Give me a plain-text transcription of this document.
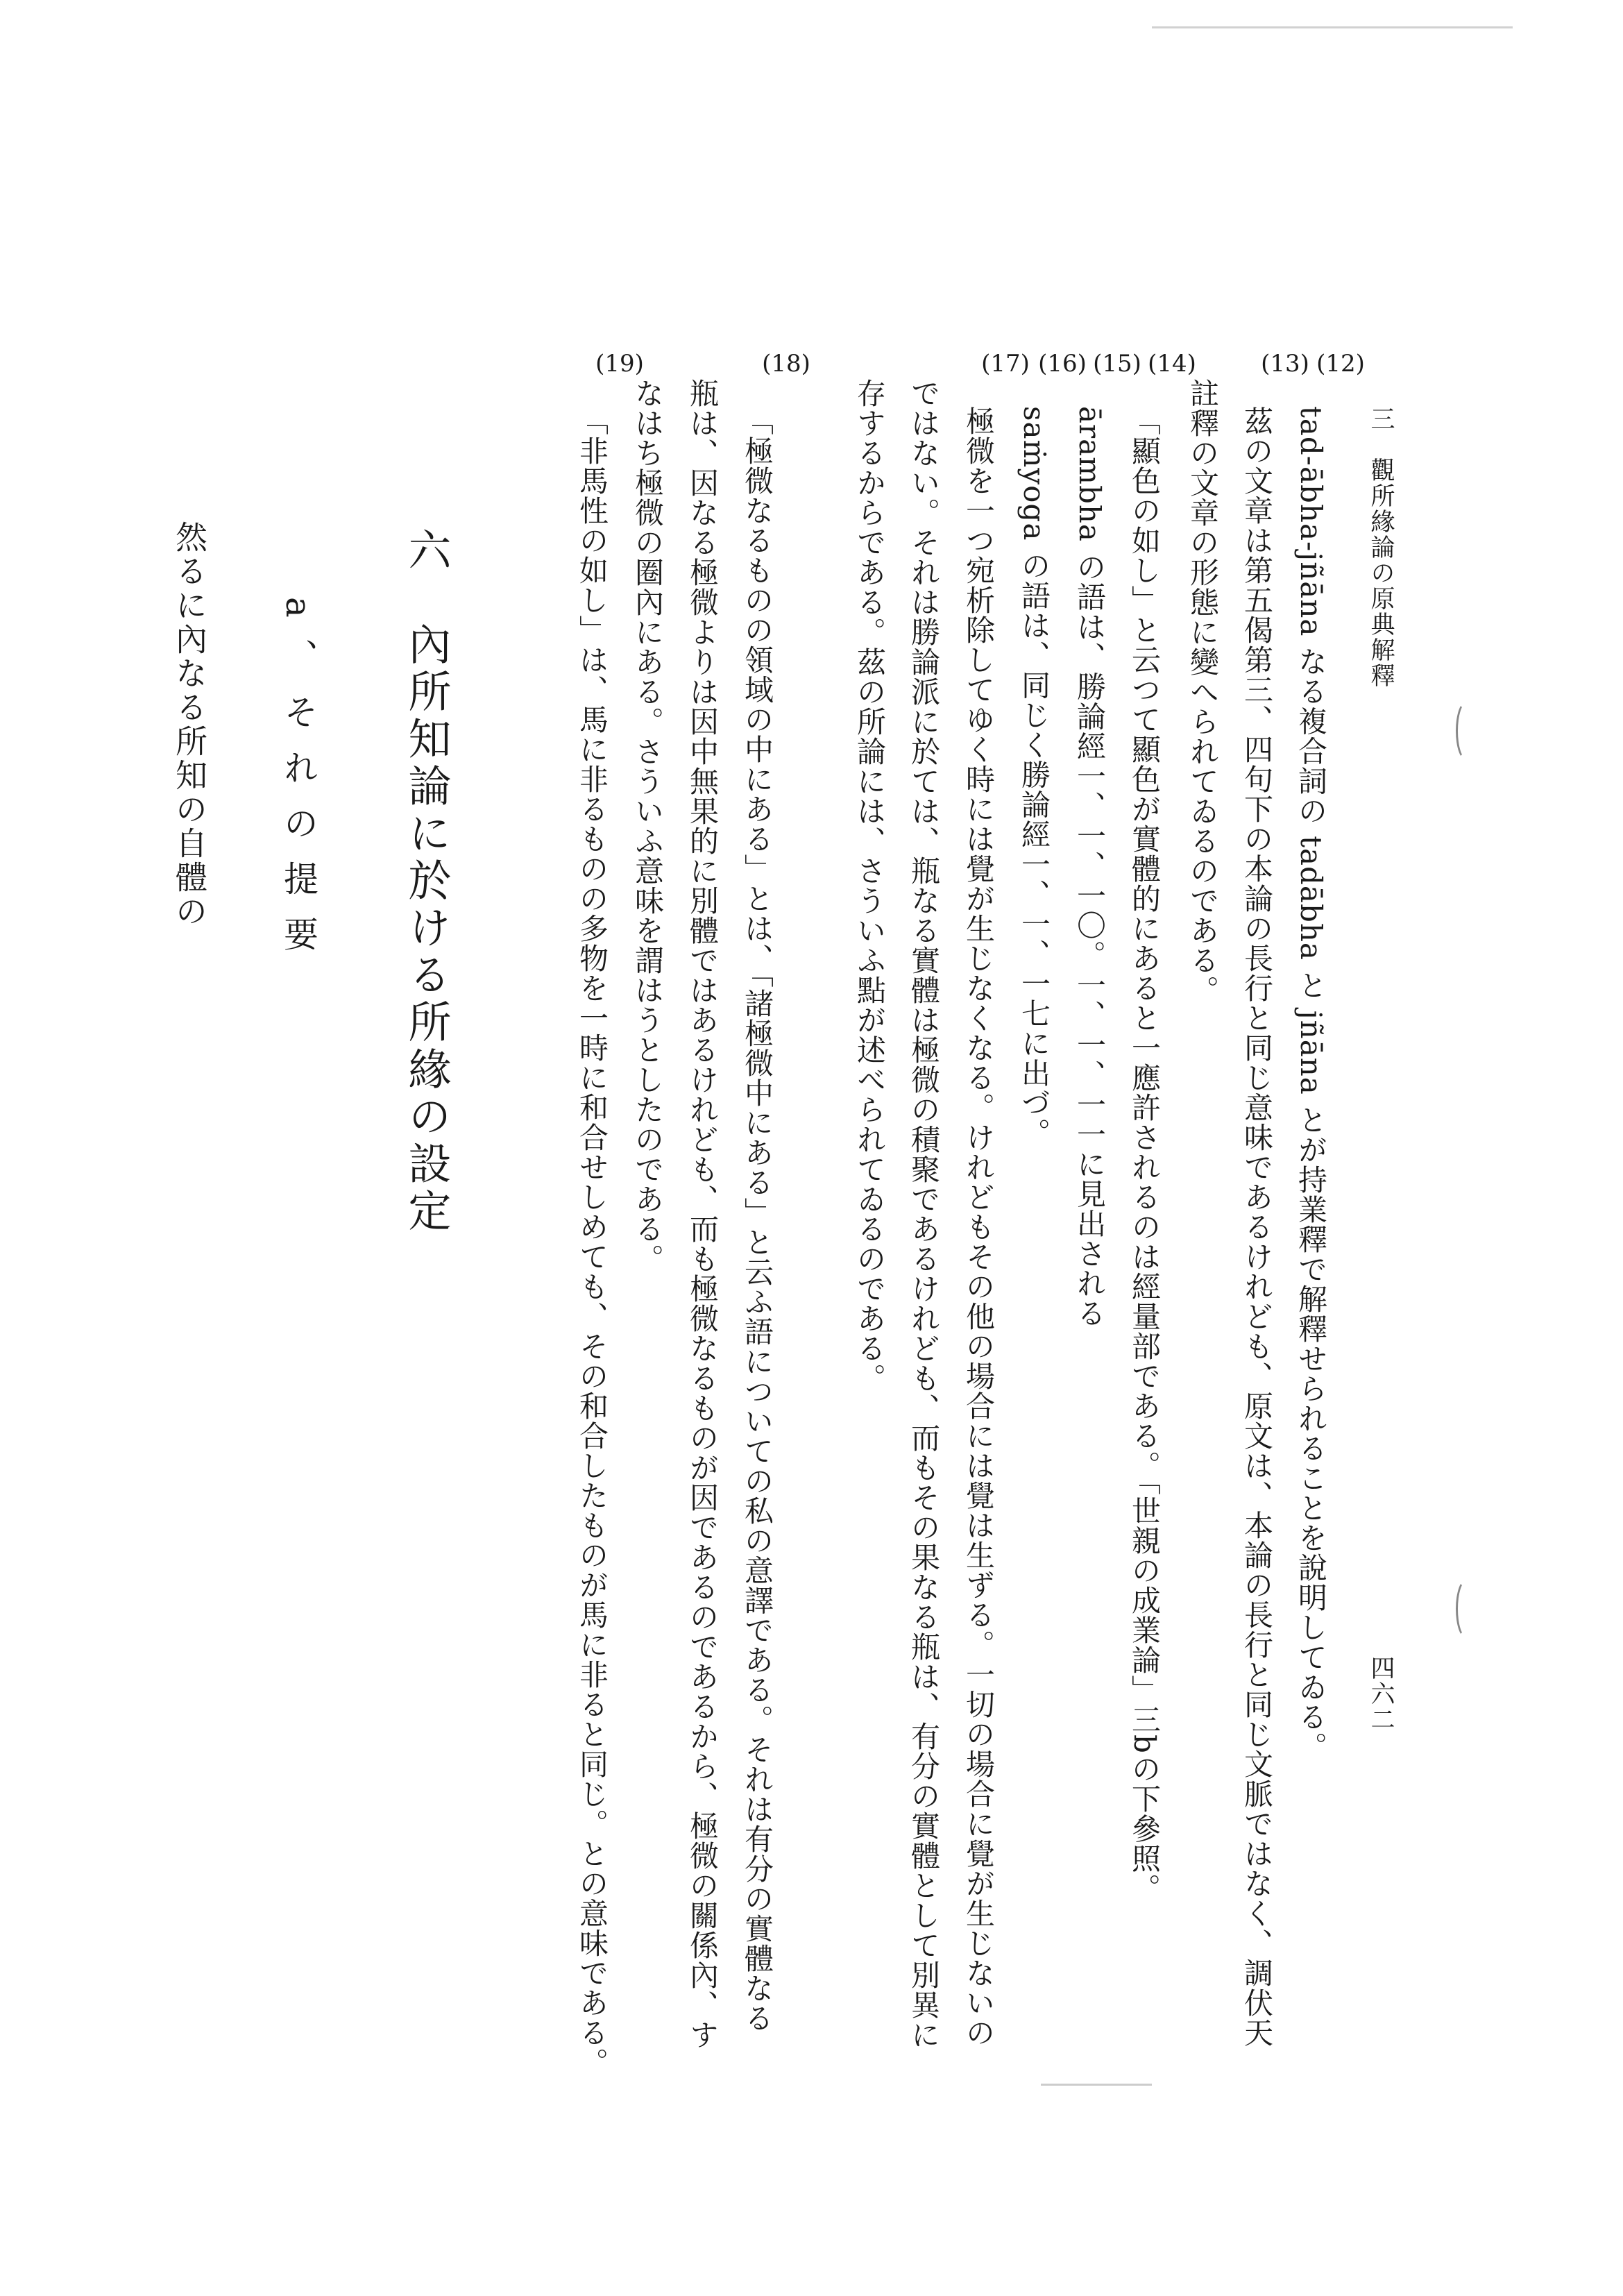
三　觀所緣論の原典解釋
四六二
(12)
(13)
(14)
(15)
(16)
(17)
(18)
(19)
tad-ābha-jñāna なる複合詞の tadābha と jñāna とが持業釋で解釋せられることを說明してゐる。
茲の文章は第五偈第三、四句下の本論の長行と同じ意味であるけれども、原文は、本論の長行と同じ文脈ではなく、調伏天
註釋の文章の形態に變へられてゐるのである。
「顯色の如し」と云つて顯色が實體的にあると一應許されるのは經量部である。「世親の成業論」三bの下參照。
ārambha の語は、勝論經一、一、一〇。一、一、一一に見出される
saṁyoga の語は、同じく勝論經一、一、一七に出づ。
極微を一つ宛析除してゆく時には覺が生じなくなる。けれどもその他の場合には覺は生ずる。一切の場合に覺が生じないの
ではない。それは勝論派に於ては、瓶なる實體は極微の積聚であるけれども、而もその果なる瓶は、有分の實體として別異に
存するからである。茲の所論には、さういふ點が述べられてゐるのである。
「極微なるものの領域の中にある」とは、「諸極微中にある」と云ふ語についての私の意譯である。それは有分の實體なる
瓶は、因なる極微よりは因中無果的に別體ではあるけれども、而も極微なるものが因であるのであるから、極微の關係內、す
なはち極微の圈內にある。さういふ意味を謂はうとしたのである。
「非馬性の如し」は、馬に非るものの多物を一時に和合せしめても、その和合したものが馬に非ると同じ。との意味である。
六　內所知論に於ける所緣の設定
a、それの提要
然るに內なる所知の自體の
